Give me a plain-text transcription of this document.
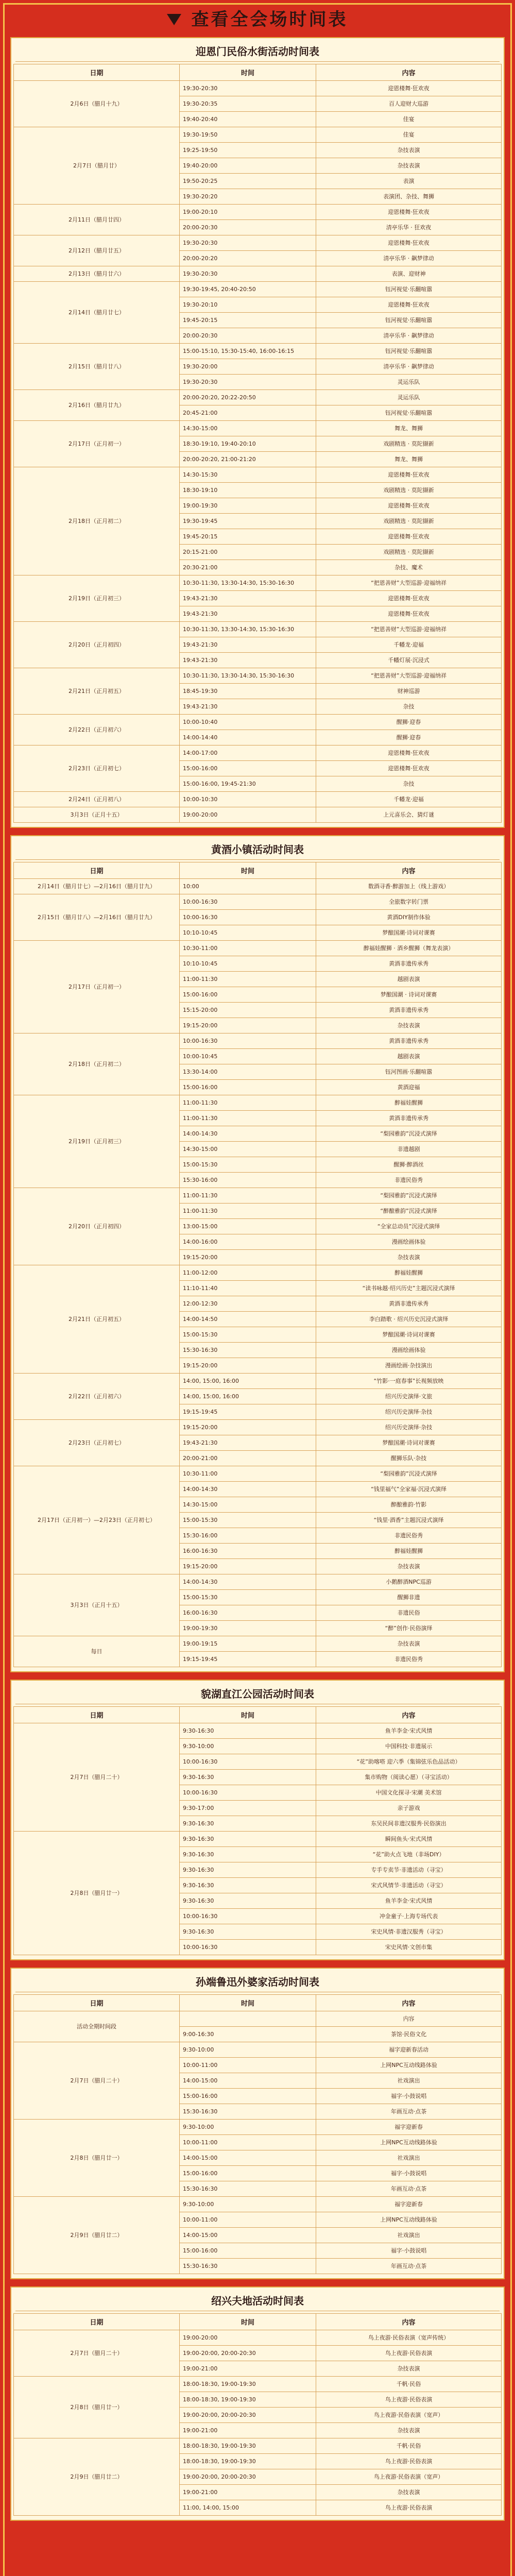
查看全会场时间表
迎恩门民俗水街活动时间表
日期	时间	内容
2月6日（腊月十九）	19:30-20:30	迎恩楼舞·狂欢夜
	19:30-20:35	百人迎财大巡游
	19:40-20:40	佳宴
2月7日（腊月廿）	19:30-19:50	佳宴
	19:25-19:50	杂技表演
	19:40-20:00	杂技表演
	19:50-20:25	表演
	19:30-20:20	表演团、杂技、舞狮
2月11日（腊月廿四）	19:00-20:10	迎恩楼舞·狂欢夜
	20:00-20:30	清亭乐华 · 狂欢夜
2月12日（腊月廿五）	19:30-20:30	迎恩楼舞·狂欢夜
	20:00-20:20	清亭乐华 · 飙梦律动
2月13日（腊月廿六）	19:30-20:30	表演、迎财神
2月14日（腊月廿七）	19:30-19:45, 20:40-20:50	钰河视觉·乐翻喧嚣
	19:30-20:10	迎恩楼舞·狂欢夜
	19:45-20:15	钰河视觉·乐翻喧嚣
	20:00-20:30	清亭乐华 · 飙梦律动
2月15日（腊月廿八）	15:00-15:10, 15:30-15:40, 16:00-16:15	钰河视觉·乐翻喧嚣
	19:30-20:00	清亭乐华 · 飙梦律动
	19:30-20:30	灵运乐队
2月16日（腊月廿九）	20:00-20:20, 20:22-20:50	灵运乐队
	20:45-21:00	钰河视觉·乐翻喧嚣
2月17日（正月初一）	14:30-15:00	舞龙、舞狮
	18:30-19:10, 19:40-20:10	戏剧精选 · 莫陀撷新
	20:00-20:20, 21:00-21:20	舞龙、舞狮
2月18日（正月初二）	14:30-15:30	迎恩楼舞·狂欢夜
	18:30-19:10	戏剧精选 · 莫陀撷新
	19:00-19:30	迎恩楼舞·狂欢夜
	19:30-19:45	戏剧精选 · 莫陀撷新
	19:45-20:15	迎恩楼舞·狂欢夜
	20:15-21:00	戏剧精选 · 莫陀撷新
	20:30-21:00	杂技、魔术
2月19日（正月初三）	10:30-11:30, 13:30-14:30, 15:30-16:30	“把恩善财”大型巡游·迎福纳祥
	19:43-21:30	迎恩楼舞·狂欢夜
	19:43-21:30	迎恩楼舞·狂欢夜
2月20日（正月初四）	10:30-11:30, 13:30-14:30, 15:30-16:30	“把恩善财”大型巡游·迎福纳祥
	19:43-21:30	千幡龙·迎福
	19:43-21:30	千幡灯展·沉浸式
2月21日（正月初五）	10:30-11:30, 13:30-14:30, 15:30-16:30	“把恩善财”大型巡游·迎福纳祥
	18:45-19:30	财神巡游
	19:43-21:30	杂技
2月22日（正月初六）	10:00-10:40	醒狮·迎春
	14:00-14:40	醒狮·迎春
2月23日（正月初七）	14:00-17:00	迎恩楼舞·狂欢夜
	15:00-16:00	迎恩楼舞·狂欢夜
	15:00-16:00, 19:45-21:30	杂技
2月24日（正月初八）	10:00-10:30	千幡龙·迎福
3月3日（正月十五）	19:00-20:00	上元喜乐会、猜灯谜
黄酒小镇活动时间表
日期	时间	内容
2月14日（腊月廿七）—2月16日（腊月廿九）	10:00	数酒寻香·醉游加上（线上游戏）
2月15日（腊月廿八）—2月16日（腊月廿九）	10:00-16:30	全旅数字转门票
	10:00-16:30	黄酒DIY制作体验
	10:10-10:45	梦酿国潮·诗词对课赛
2月17日（正月初一）	10:30-11:00	醉福娃醒狮 · 酒乡醒狮（舞龙表演）
	10:10-10:45	黄酒非遗传承秀
	11:00-11:30	越剧表演
	15:00-16:00	梦酿国潮 · 诗词对课赛
	15:15-20:00	黄酒非遗传承秀
	19:15-20:00	杂技表演
2月18日（正月初二）	10:00-16:30	黄酒非遗传承秀
	10:00-10:45	越剧表演
	13:30-14:00	钰河图画·乐翻喧嚣
	15:00-16:00	黄酒迎福
2月19日（正月初三）	11:00-11:30	醉福娃醒狮
	11:00-11:30	黄酒非遗传承秀
	14:00-14:30	“梨园雅韵”沉浸式演绎
	14:30-15:00	非遗越剧
	15:00-15:30	醒狮·醉酒丝
	15:30-16:00	非遗民俗秀
2月20日（正月初四）	11:00-11:30	“梨园雅韵”沉浸式演绎
	11:00-11:30	“醉酿雅韵”沉浸式演绎
	13:00-15:00	“全家总动员”沉浸式演绎
	14:00-16:00	漫画绘画体验
	19:15-20:00	杂技表演
2月21日（正月初五）	11:00-12:00	醉福娃醒狮
	11:10-11:40	“读书咏越·绍兴历史”主题沉浸式演绎
	12:00-12:30	黄酒非遗传承秀
	14:00-14:50	李白踏歌 · 绍兴历史沉浸式演绎
	15:00-15:30	梦酿国潮·诗词对课赛
	15:30-16:30	漫画绘画体验
	19:15-20:00	漫画绘画·杂技演出
2月22日（正月初六）	14:00, 15:00, 16:00	“竹影·一庭春事”长视频放映
	14:00, 15:00, 16:00	绍兴历史演绎·文旅
	19:15-19:45	绍兴历史演绎·杂技
2月23日（正月初七）	19:15-20:00	绍兴历史演绎·杂技
	19:43-21:30	梦酿国潮·诗词对课赛
	20:00-21:00	醒狮乐队·杂技
2月17日（正月初一）—2月23日（正月初七）	10:30-11:00	“梨园雅韵”沉浸式演绎
	14:00-14:30	“钱里福气”全家福·沉浸式演绎
	14:30-15:00	醉酿雅韵·竹影
	15:00-15:30	“钱里·酒香”主题沉浸式演绎
	15:30-16:00	非遗民俗秀
	16:00-16:30	醉福娃醒狮
	19:15-20:00	杂技表演
3月3日（正月十五）	14:00-14:30	小鹅醉酒NPC巡游
	15:00-15:30	醒狮非遗
	16:00-16:30	非遗民俗
	19:00-19:30	“醉”创作·民俗演绎
每日	19:00-19:15	杂技表演
	19:15-19:45	非遗民俗秀
貌湖直江公园活动时间表
日期	时间	内容
2月7日（腊月二十）	9:30-16:30	鱼羊李金·宋式风情
	9:30-10:00	中国科技·非遗展示
	10:00-16:30	“花”助喀嗒 迎六季（集锦弦乐色品活动）
	9:30-16:30	集市购物（阅读心愿）（寻宝活动）
	10:00-16:30	中国文化探寻·宋潮 美术馆
	9:30-17:00	亲子游戏
	9:30-16:30	东吴民间非遗汉服秀·民俗演出
2月8日（腊月廿一）	9:30-16:30	瞬间鱼头·宋式风情
	9:30-16:30	“花”助火点飞地（非场DIY）
	9:30-16:30	专手专卖节·非遗活动（寻宝）
	9:30-16:30	宋式风情节·非遗活动（寻宝）
	9:30-16:30	鱼羊李金·宋式风情
	10:00-16:30	冲金童子·上海专场代表
	9:30-16:30	宋史风情·非遗汉服秀（寻宝）
	10:00-16:30	宋史风情·文创市集
孙端鲁迅外婆家活动时间表
日期	时间	内容
活动全期时间段		内容
	9:00-16:30	茶馆·民俗文化
2月7日（腊月二十）	9:30-10:00	福字迎新春活动
	10:00-11:00	上网NPC互动线路体验
	14:00-15:00	社戏演出
	15:00-16:00	福字·小鼓说唱
	15:30-16:30	年画互动·点茶
2月8日（腊月廿一）	9:30-10:00	福字迎新春
	10:00-11:00	上网NPC互动线路体验
	14:00-15:00	社戏演出
	15:00-16:00	福字·小鼓说唱
	15:30-16:30	年画互动·点茶
2月9日（腊月廿二）	9:30-10:00	福字迎新春
	10:00-11:00	上网NPC互动线路体验
	14:00-15:00	社戏演出
	15:00-16:00	福字·小鼓说唱
	15:30-16:30	年画互动·点茶
绍兴夫地活动时间表
日期	时间	内容
2月7日（腊月二十）	19:00-20:00	鸟上夜游·民俗表演（宽声传统）
	19:00-20:00, 20:00-20:30	鸟上夜游·民俗表演
	19:00-21:00	杂技表演
2月8日（腊月廿一）	18:00-18:30, 19:00-19:30	千帆·民俗
	18:00-18:30, 19:00-19:30	鸟上夜游·民俗表演
	19:00-20:00, 20:00-20:30	鸟上夜游·民俗表演（宽声）
	19:00-21:00	杂技表演
2月9日（腊月廿二）	18:00-18:30, 19:00-19:30	千帆·民俗
	18:00-18:30, 19:00-19:30	鸟上夜游·民俗表演
	19:00-20:00, 20:00-20:30	鸟上夜游·民俗表演（宽声）
	19:00-21:00	杂技表演
	11:00, 14:00, 15:00	鸟上夜游·民俗表演
